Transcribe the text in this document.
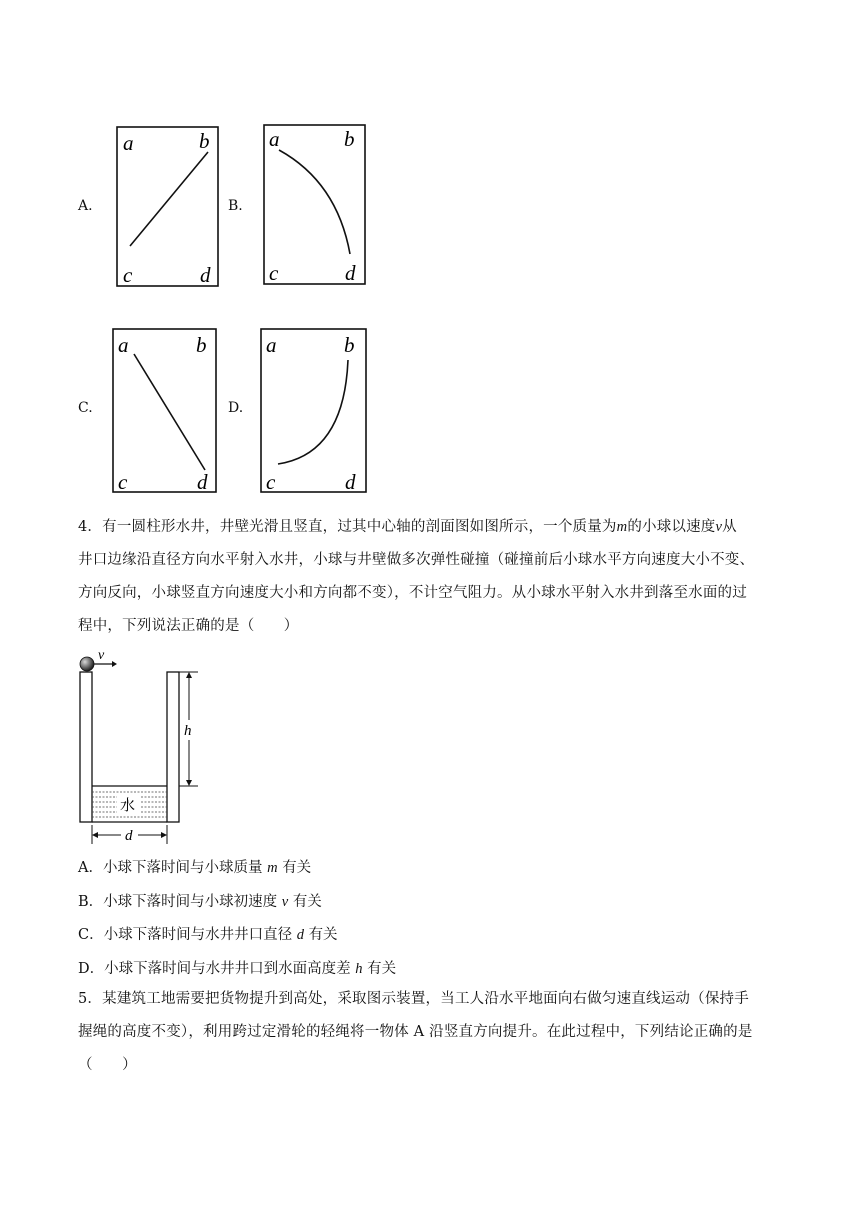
A.
a	b
c	d
B.
a	b
c	d
C.
a	b
c	d
D.
a	b
c	d
4．有一圆柱形水井，井壁光滑且竖直，过其中心轴的剖面图如图所示，一个质量为m的小球以速度v从
井口边缘沿直径方向水平射入水井，小球与井壁做多次弹性碰撞（碰撞前后小球水平方向速度大小不变、
方向反向，小球竖直方向速度大小和方向都不变），不计空气阻力。从小球水平射入水井到落至水面的过
程中，下列说法正确的是（　　）
v
水
h
d
A．小球下落时间与小球质量 m 有关
B．小球下落时间与小球初速度 v 有关
C．小球下落时间与水井井口直径 d 有关
D．小球下落时间与水井井口到水面高度差 h 有关
5．某建筑工地需要把货物提升到高处，采取图示装置，当工人沿水平地面向右做匀速直线运动（保持手
握绳的高度不变），利用跨过定滑轮的轻绳将一物体 A 沿竖直方向提升。在此过程中，下列结论正确的是
（　　）
